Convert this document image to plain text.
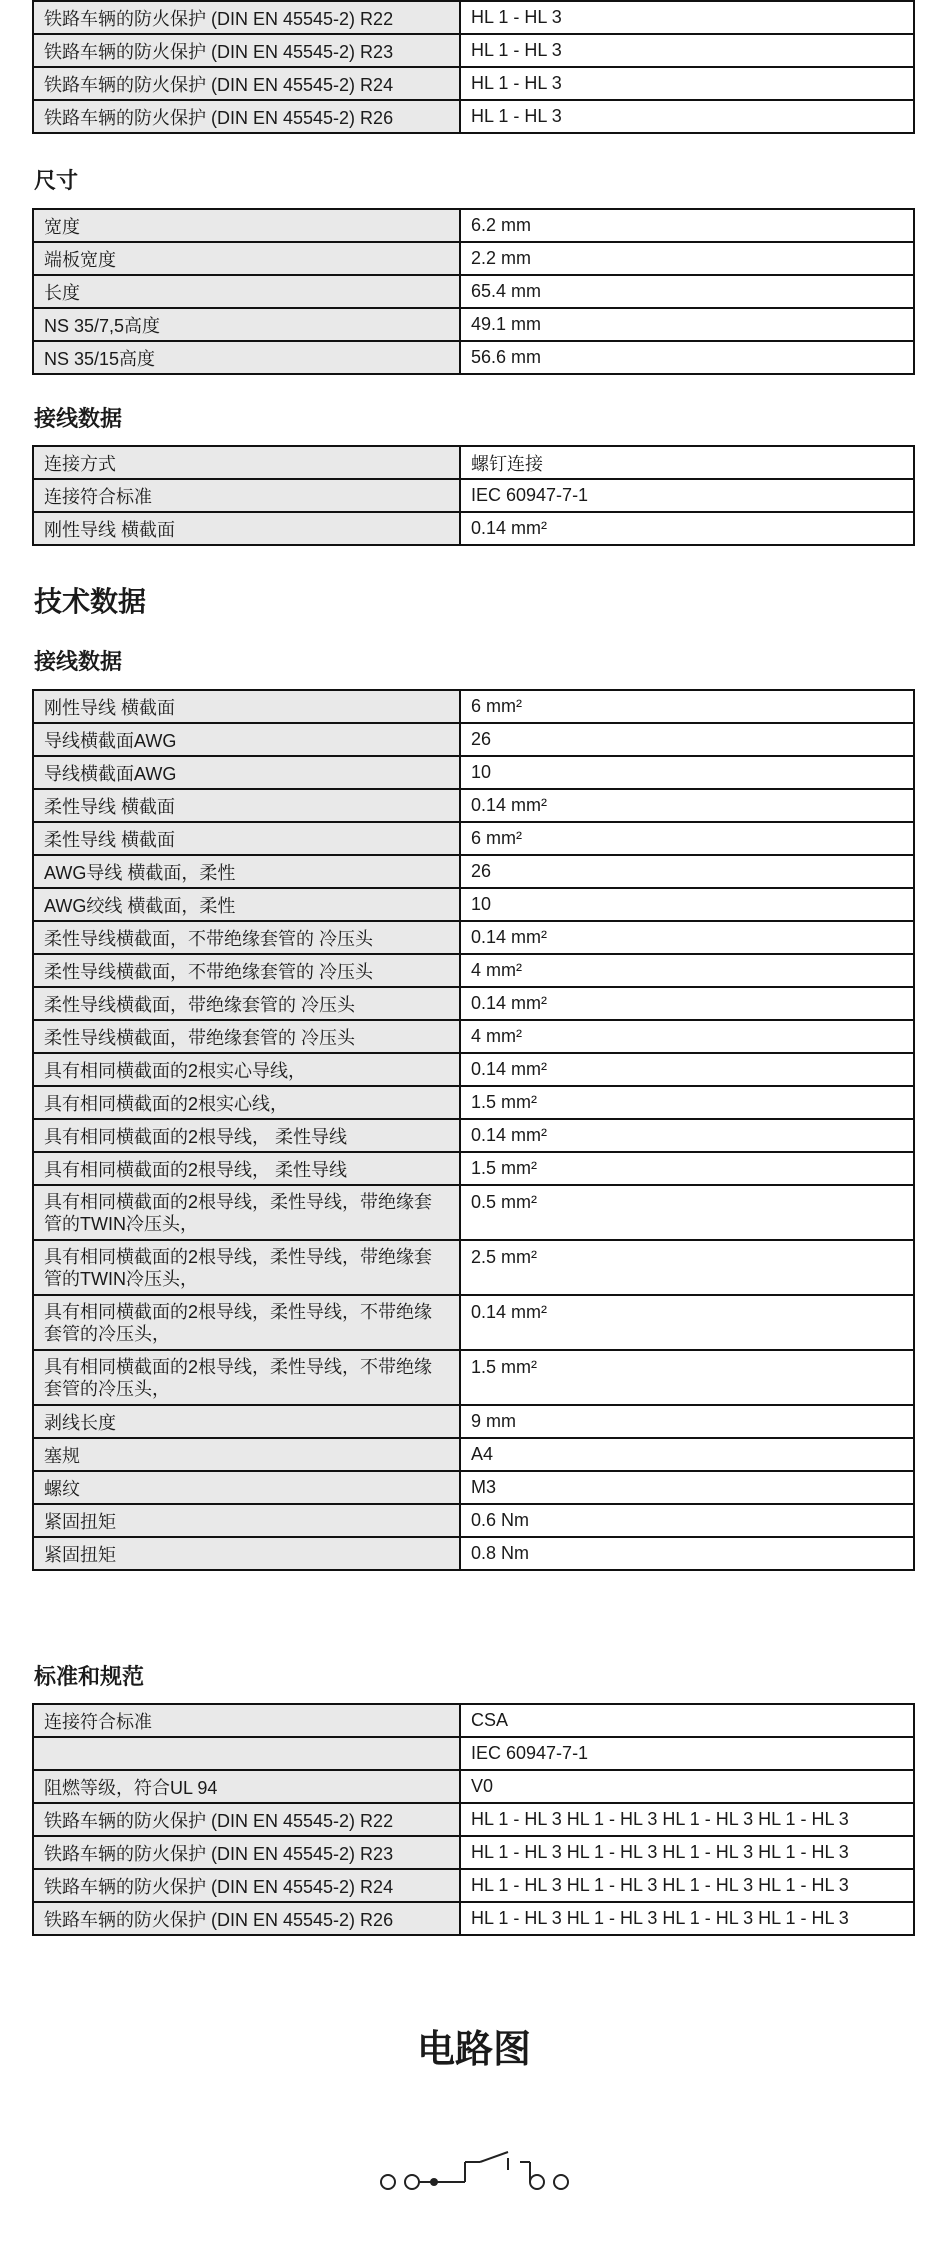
铁路车辆的防火保护 (DIN EN 45545-2) R22	HL 1 - HL 3
铁路车辆的防火保护 (DIN EN 45545-2) R23	HL 1 - HL 3
铁路车辆的防火保护 (DIN EN 45545-2) R24	HL 1 - HL 3
铁路车辆的防火保护 (DIN EN 45545-2) R26	HL 1 - HL 3
尺寸
宽度	6.2 mm
端板宽度	2.2 mm
长度	65.4 mm
NS 35/7,5高度	49.1 mm
NS 35/15高度	56.6 mm
接线数据
连接方式	螺钉连接
连接符合标准	IEC 60947-7-1
刚性导线 横截面	0.14 mm²
技术数据
接线数据
刚性导线 横截面	6 mm²
导线横截面AWG	26
导线横截面AWG	10
柔性导线 横截面	0.14 mm²
柔性导线 横截面	6 mm²
AWG导线 横截面，柔性	26
AWG绞线 横截面，柔性	10
柔性导线横截面，不带绝缘套管的 冷压头	0.14 mm²
柔性导线横截面，不带绝缘套管的 冷压头	4 mm²
柔性导线横截面，带绝缘套管的 冷压头	0.14 mm²
柔性导线横截面，带绝缘套管的 冷压头	4 mm²
具有相同横截面的2根实心导线，	0.14 mm²
具有相同横截面的2根实心线，	1.5 mm²
具有相同横截面的2根导线， 柔性导线	0.14 mm²
具有相同横截面的2根导线， 柔性导线	1.5 mm²
具有相同横截面的2根导线，柔性导线，带绝缘套管的TWIN冷压头，	0.5 mm²
具有相同横截面的2根导线，柔性导线，带绝缘套管的TWIN冷压头，	2.5 mm²
具有相同横截面的2根导线，柔性导线，不带绝缘套管的冷压头，	0.14 mm²
具有相同横截面的2根导线，柔性导线，不带绝缘套管的冷压头，	1.5 mm²
剥线长度	9 mm
塞规	A4
螺纹	M3
紧固扭矩	0.6 Nm
紧固扭矩	0.8 Nm
标准和规范
连接符合标准	CSA
	IEC 60947-7-1
阻燃等级，符合UL 94	V0
铁路车辆的防火保护 (DIN EN 45545-2) R22	HL 1 - HL 3 HL 1 - HL 3 HL 1 - HL 3 HL 1 - HL 3
铁路车辆的防火保护 (DIN EN 45545-2) R23	HL 1 - HL 3 HL 1 - HL 3 HL 1 - HL 3 HL 1 - HL 3
铁路车辆的防火保护 (DIN EN 45545-2) R24	HL 1 - HL 3 HL 1 - HL 3 HL 1 - HL 3 HL 1 - HL 3
铁路车辆的防火保护 (DIN EN 45545-2) R26	HL 1 - HL 3 HL 1 - HL 3 HL 1 - HL 3 HL 1 - HL 3
电路图
